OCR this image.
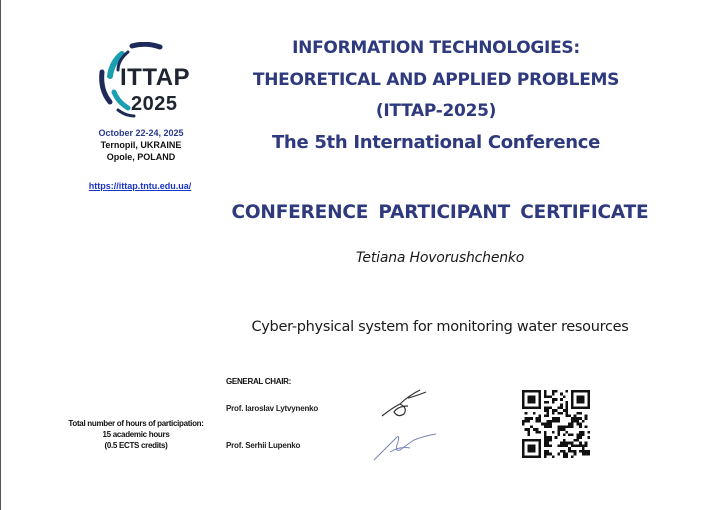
ITTAP
2025
October 22-24, 2025
Ternopil, UKRAINE
Opole, POLAND
https://ittap.tntu.edu.ua/
INFORMATION TECHNOLOGIES:
THEORETICAL AND APPLIED PROBLEMS
(ITTAP-2025)
The 5th International Conference
CONFERENCE PARTICIPANT CERTIFICATE
Tetiana Hovorushchenko
Cyber-physical system for monitoring water resources
GENERAL CHAIR:
Prof. Iaroslav Lytvynenko
Prof. Serhii Lupenko
Total number of hours of participation:
15 academic hours
(0.5 ECTS credits)
